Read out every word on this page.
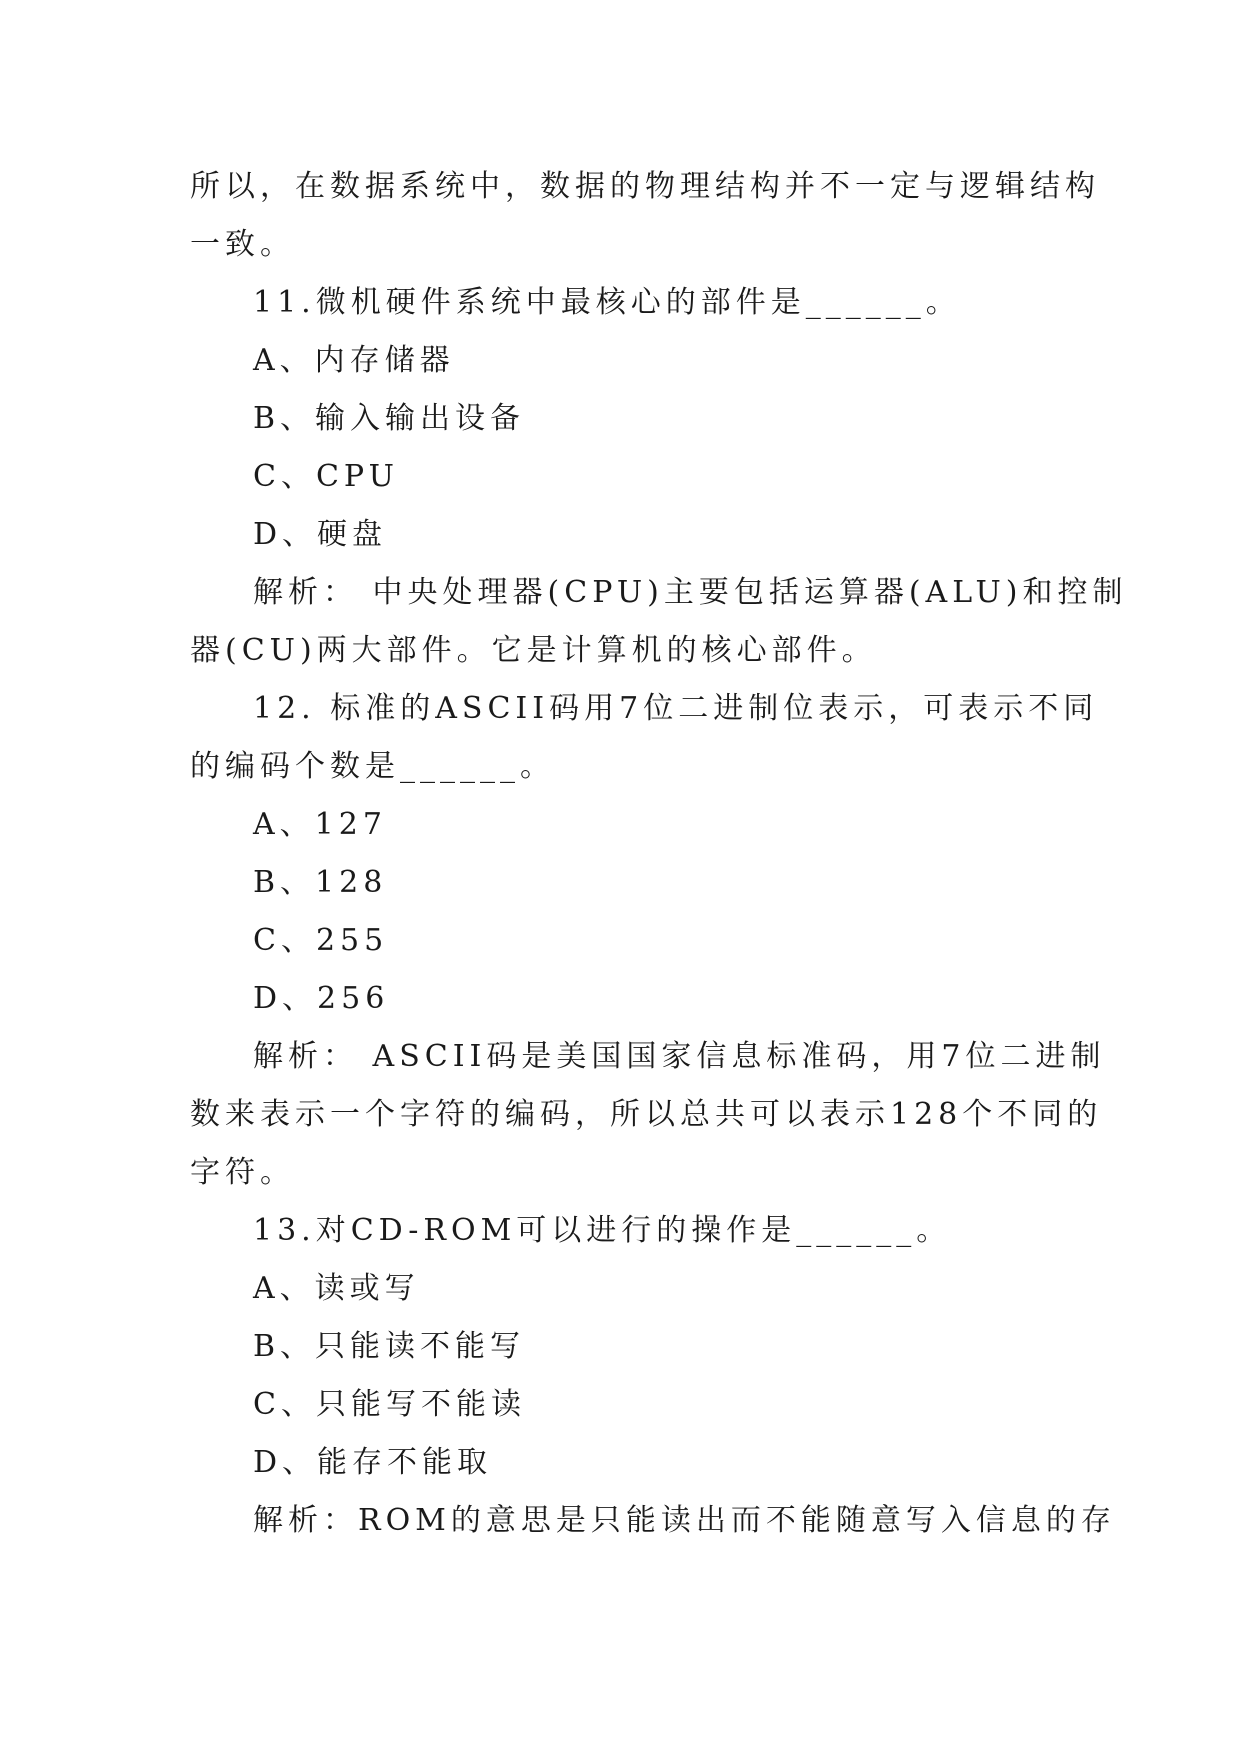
所以，在数据系统中，数据的物理结构并不一定与逻辑结构
一致。
11.微机硬件系统中最核心的部件是______。
A、内存储器
B、输入输出设备
C、CPU
D、硬盘
解析： 中央处理器(CPU)主要包括运算器(ALU)和控制
器(CU)两大部件。它是计算机的核心部件。
12. 标准的ASCII码用7位二进制位表示，可表示不同
的编码个数是______。
A、127
B、128
C、255
D、256
解析： ASCII码是美国国家信息标准码，用7位二进制
数来表示一个字符的编码，所以总共可以表示128个不同的
字符。
13.对CD-ROM可以进行的操作是______。
A、读或写
B、只能读不能写
C、只能写不能读
D、能存不能取
解析：ROM的意思是只能读出而不能随意写入信息的存
